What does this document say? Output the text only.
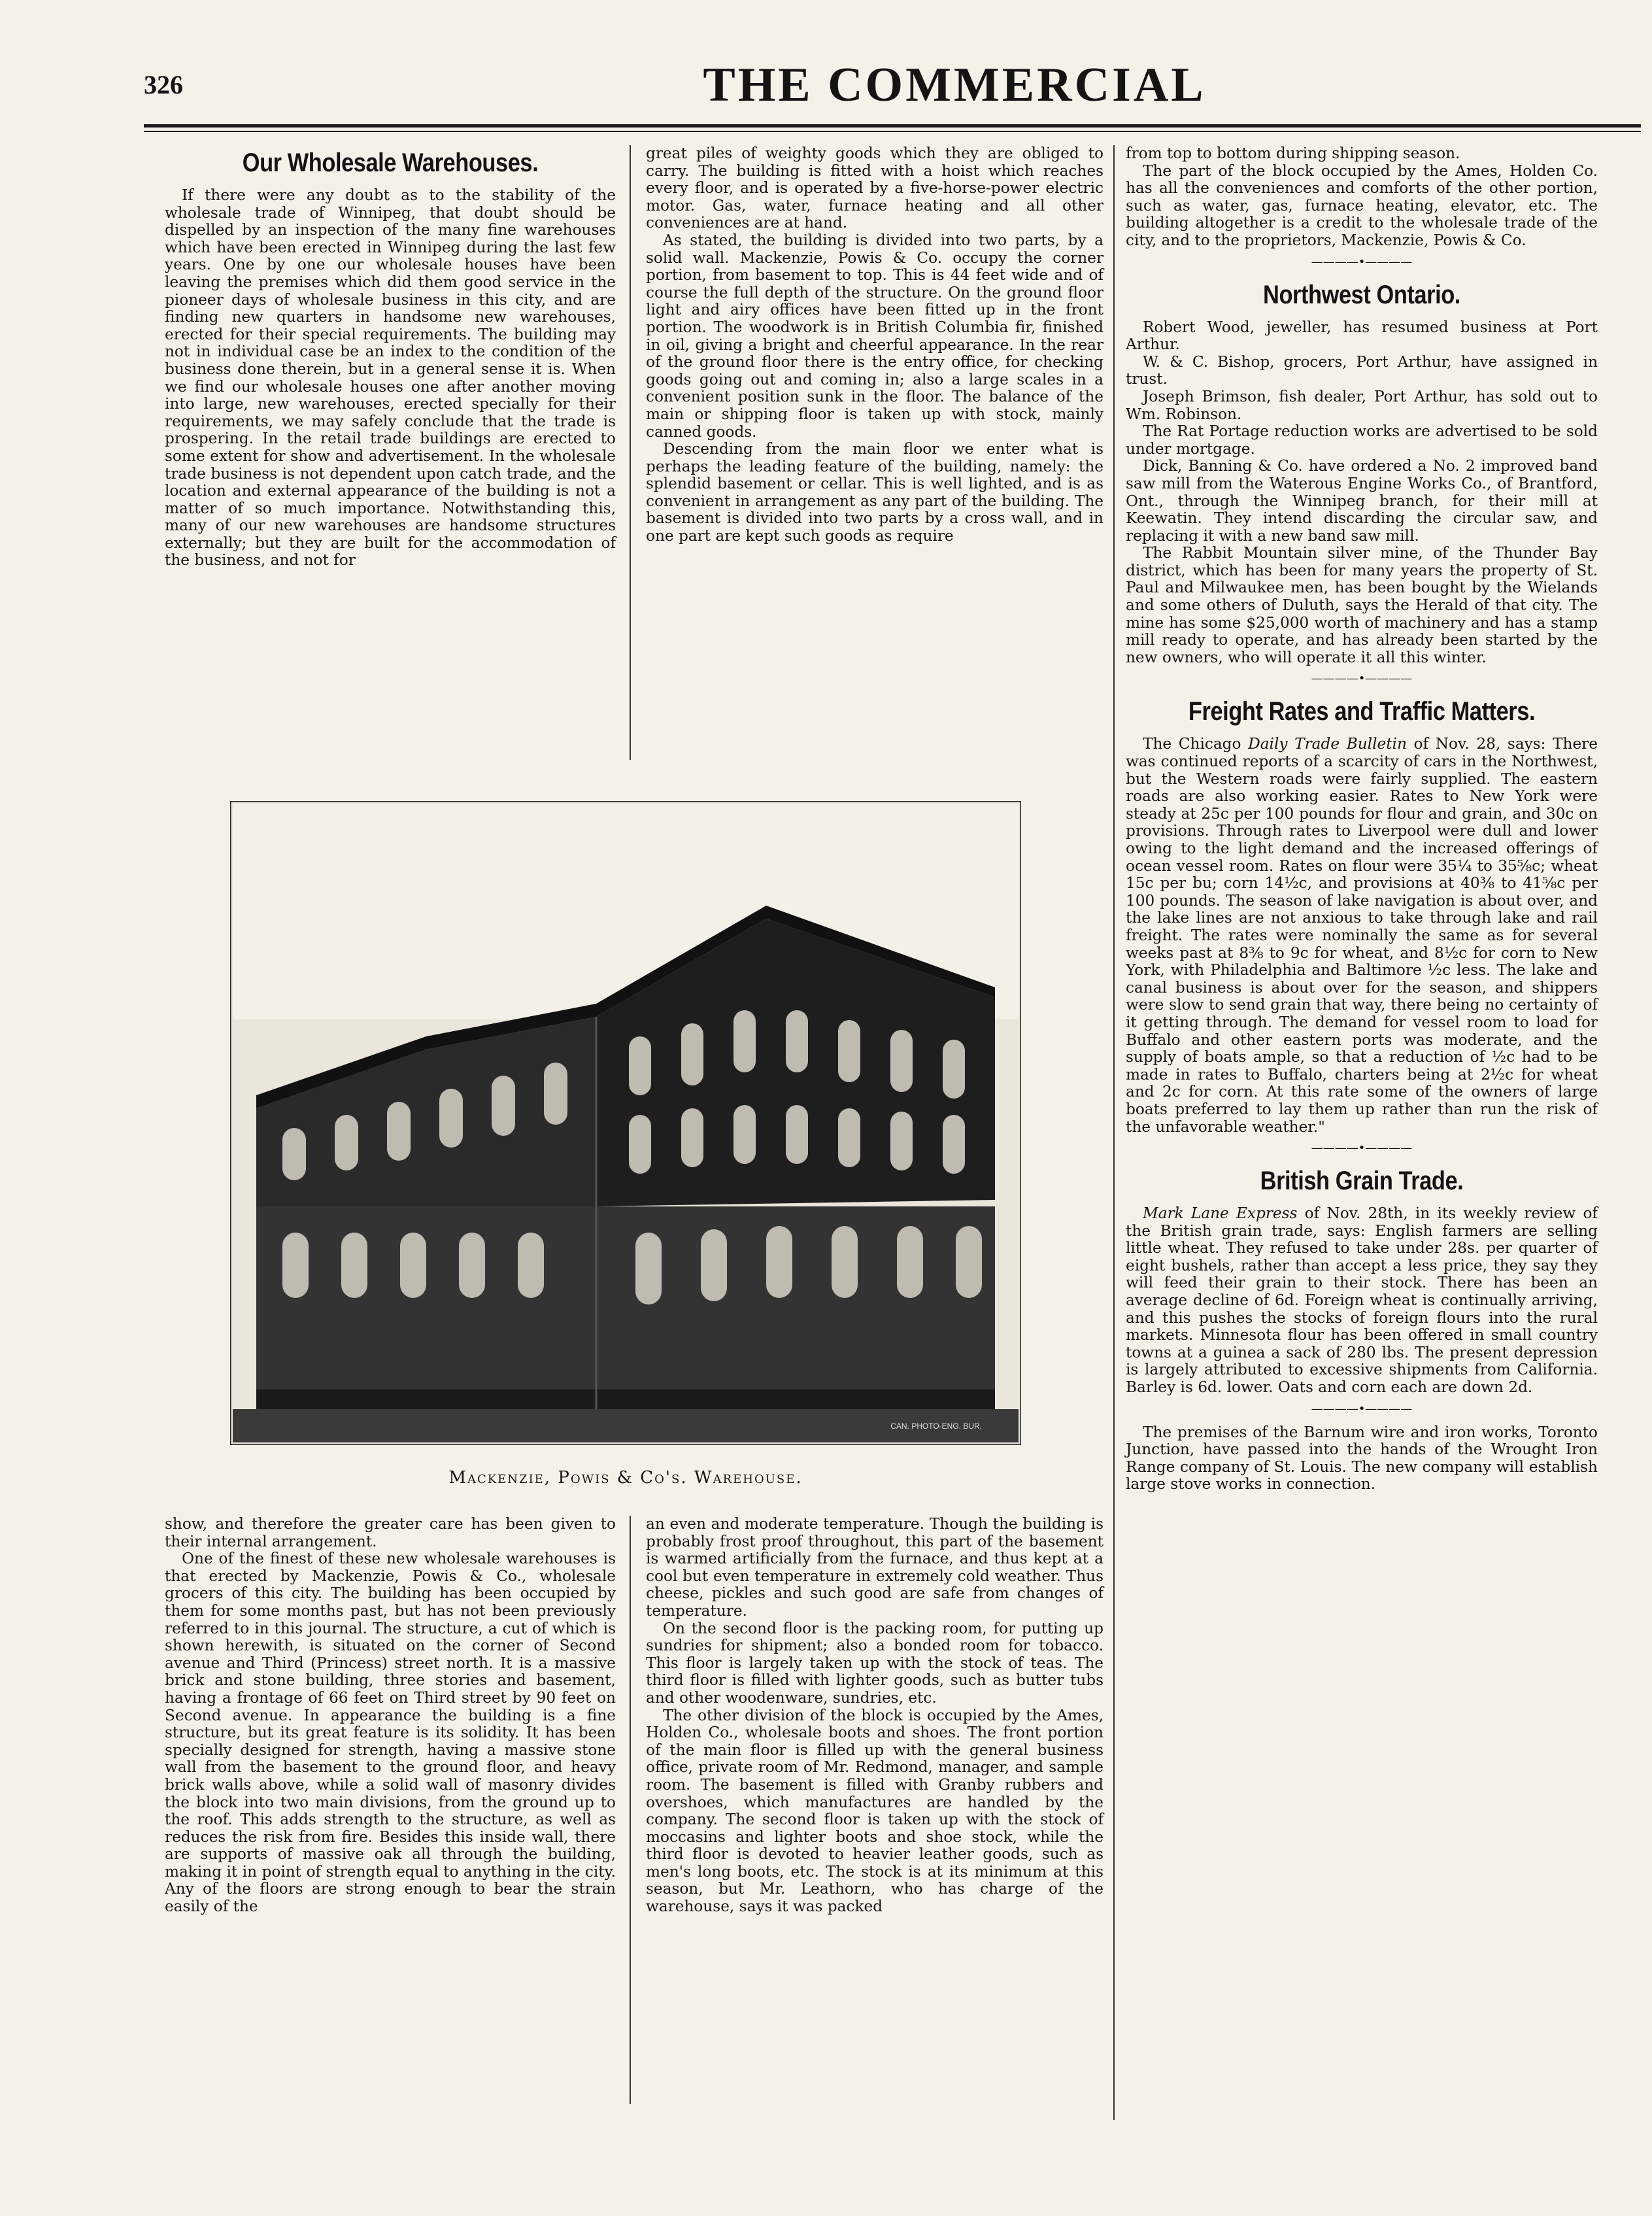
326	THE COMMERCIAL
Our Wholesale Warehouses.

If there were any doubt as to the stability of the wholesale trade of Winnipeg, that doubt should be dispelled by an inspection of the many fine warehouses which have been erected in Winnipeg during the last few years. One by one our wholesale houses have been leaving the premises which did them good service in the pioneer days of wholesale business in this city, and are finding new quarters in handsome new warehouses, erected for their special requirements. The building may not in individual case be an index to the condition of the business done therein, but in a general sense it is. When we find our wholesale houses one after another moving into large, new warehouses, erected specially for their requirements, we may safely conclude that the trade is prospering. In the retail trade buildings are erected to some extent for show and advertisement. In the wholesale trade business is not dependent upon catch trade, and the location and external appearance of the building is not a matter of so much importance. Notwithstanding this, many of our new warehouses are handsome structures externally; but they are built for the accommodation of the business, and not for

great piles of weighty goods which they are obliged to carry. The building is fitted with a hoist which reaches every floor, and is operated by a five-horse-power electric motor. Gas, water, furnace heating and all other conveniences are at hand.

As stated, the building is divided into two parts, by a solid wall. Mackenzie, Powis & Co. occupy the corner portion, from basement to top. This is 44 feet wide and of course the full depth of the structure. On the ground floor light and airy offices have been fitted up in the front portion. The woodwork is in British Columbia fir, finished in oil, giving a bright and cheerful appearance. In the rear of the ground floor there is the entry office, for checking goods going out and coming in; also a large scales in a convenient position sunk in the floor. The balance of the main or shipping floor is taken up with stock, mainly canned goods.

Descending from the main floor we enter what is perhaps the leading feature of the building, namely: the splendid basement or cellar. This is well lighted, and is as convenient in arrangement as any part of the building. The basement is divided into two parts by a cross wall, and in one part are kept such goods as require

from top to bottom during shipping season.

The part of the block occupied by the Ames, Holden Co. has all the conveniences and comforts of the other portion, such as water, gas, furnace heating, elevator, etc. The building altogether is a credit to the wholesale trade of the city, and to the proprietors, Mackenzie, Powis & Co.

————•————
Northwest Ontario.

Robert Wood, jeweller, has resumed business at Port Arthur.

W. & C. Bishop, grocers, Port Arthur, have assigned in trust.

Joseph Brimson, fish dealer, Port Arthur, has sold out to Wm. Robinson.

The Rat Portage reduction works are advertised to be sold under mortgage.

Dick, Banning & Co. have ordered a No. 2 improved band saw mill from the Waterous Engine Works Co., of Brantford, Ont., through the Winnipeg branch, for their mill at Keewatin. They intend discarding the circular saw, and replacing it with a new band saw mill.

The Rabbit Mountain silver mine, of the Thunder Bay district, which has been for many years the property of St. Paul and Milwaukee men, has been bought by the Wielands and some others of Duluth, says the Herald of that city. The mine has some $25,000 worth of machinery and has a stamp mill ready to operate, and has already been started by the new owners, who will operate it all this winter.

————•————
Freight Rates and Traffic Matters.

The Chicago Daily Trade Bulletin of Nov. 28, says: There was continued reports of a scarcity of cars in the Northwest, but the Western roads were fairly supplied. The eastern roads are also working easier. Rates to New York were steady at 25c per 100 pounds for flour and grain, and 30c on provisions. Through rates to Liverpool were dull and lower owing to the light demand and the increased offerings of ocean vessel room. Rates on flour were 35¼ to 35⅝c; wheat 15c per bu; corn 14½c, and provisions at 40⅜ to 41⅝c per 100 pounds. The season of lake navigation is about over, and the lake lines are not anxious to take through lake and rail freight. The rates were nominally the same as for several weeks past at 8⅜ to 9c for wheat, and 8½c for corn to New York, with Philadelphia and Baltimore ½c less. The lake and canal business is about over for the season, and shippers were slow to send grain that way, there being no certainty of it getting through. The demand for vessel room to load for Buffalo and other eastern ports was moderate, and the supply of boats ample, so that a reduction of ½c had to be made in rates to Buffalo, charters being at 2½c for wheat and 2c for corn. At this rate some of the owners of large boats preferred to lay them up rather than run the risk of the unfavorable weather."

————•————
British Grain Trade.

Mark Lane Express of Nov. 28th, in its weekly review of the British grain trade, says: English farmers are selling little wheat. They refused to take under 28s. per quarter of eight bushels, rather than accept a less price, they say they will feed their grain to their stock. There has been an average decline of 6d. Foreign wheat is continually arriving, and this pushes the stocks of foreign flours into the rural markets. Minnesota flour has been offered in small country towns at a guinea a sack of 280 lbs. The present depression is largely attributed to excessive shipments from California. Barley is 6d. lower. Oats and corn each are down 2d.

————•————

The premises of the Barnum wire and iron works, Toronto Junction, have passed into the hands of the Wrought Iron Range company of St. Louis. The new company will establish large stove works in connection.

CAN. PHOTO-ENG. BUR.
Mackenzie, Powis & Co's. Warehouse.

show, and therefore the greater care has been given to their internal arrangement.

One of the finest of these new wholesale warehouses is that erected by Mackenzie, Powis & Co., wholesale grocers of this city. The building has been occupied by them for some months past, but has not been previously referred to in this journal. The structure, a cut of which is shown herewith, is situated on the corner of Second avenue and Third (Princess) street north. It is a massive brick and stone building, three stories and basement, having a frontage of 66 feet on Third street by 90 feet on Second avenue. In appearance the building is a fine structure, but its great feature is its solidity. It has been specially designed for strength, having a massive stone wall from the basement to the ground floor, and heavy brick walls above, while a solid wall of masonry divides the block into two main divisions, from the ground up to the roof. This adds strength to the structure, as well as reduces the risk from fire. Besides this inside wall, there are supports of massive oak all through the building, making it in point of strength equal to anything in the city. Any of the floors are strong enough to bear the strain easily of the

an even and moderate temperature. Though the building is probably frost proof throughout, this part of the basement is warmed artificially from the furnace, and thus kept at a cool but even temperature in extremely cold weather. Thus cheese, pickles and such good are safe from changes of temperature.

On the second floor is the packing room, for putting up sundries for shipment; also a bonded room for tobacco. This floor is largely taken up with the stock of teas. The third floor is filled with lighter goods, such as butter tubs and other woodenware, sundries, etc.

The other division of the block is occupied by the Ames, Holden Co., wholesale boots and shoes. The front portion of the main floor is filled up with the general business office, private room of Mr. Redmond, manager, and sample room. The basement is filled with Granby rubbers and overshoes, which manufactures are handled by the company. The second floor is taken up with the stock of moccasins and lighter boots and shoe stock, while the third floor is devoted to heavier leather goods, such as men's long boots, etc. The stock is at its minimum at this season, but Mr. Leathorn, who has charge of the warehouse, says it was packed
